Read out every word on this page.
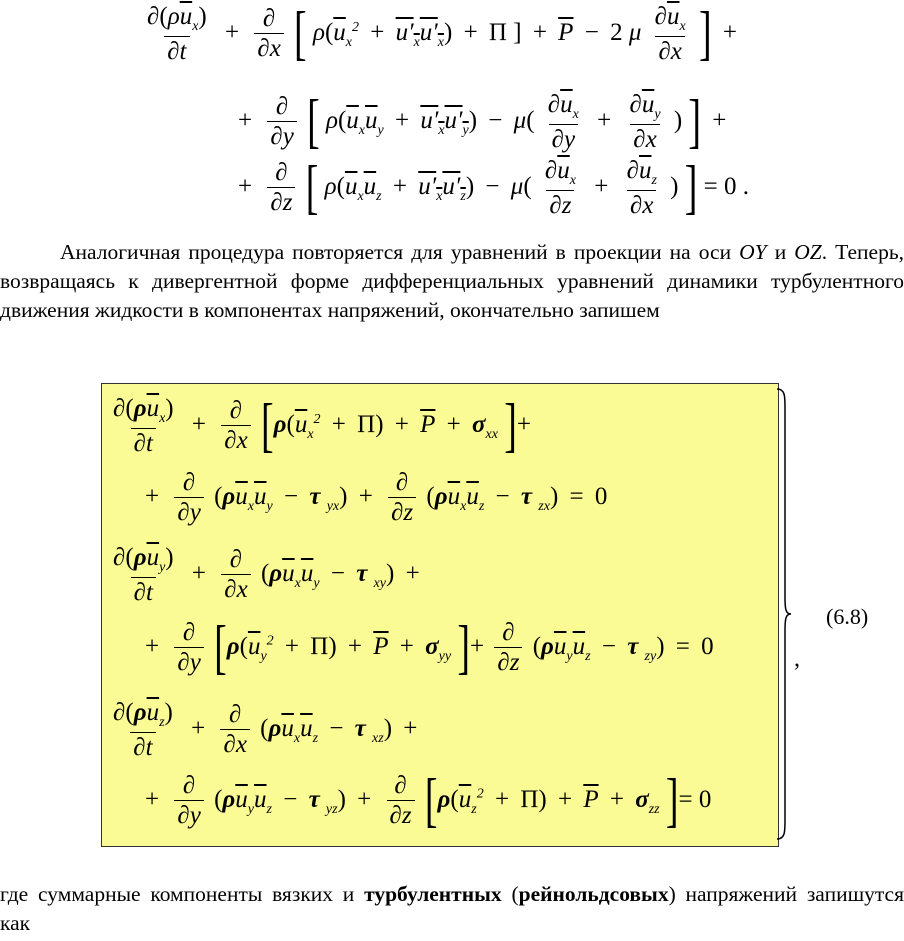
$\frac{\partial(\rho\overline{u}_x)}{\partial t} + \frac{\partial}{\partial x}$ [ $\rho(\overline{u}_x^2 + u'_xu'_x) + \Pi$ ] + $\overline{P} - 2$ μ $\frac{\partial\overline{u}_x}{\partial x}$ ] +
+ $\frac{\partial}{\partial y}$ [ $\rho(\overline{u}_x\overline{u}_y + u'_xu'_y) - \mu( \frac{\partial\overline{u}_x}{\partial y} + \frac{\partial\overline{u}_y}{\partial x}$ ) ] +
+ $\frac{\partial}{\partial z}$ [ $\rho(\overline{u}_x\overline{u}_z + u'_xu'_z) - \mu( \frac{\partial\overline{u}_x}{\partial z} + \frac{\partial\overline{u}_z}{\partial x}$ ) ] = 0 .
Аналогичная процедура повторяется для уравнений в проекции на оси OY и OZ. Теперь, возвращаясь к дивергентной форме дифференциальных уравнений динамики турбулентного движения жидкости в компонентах напряжений, окончательно запишем
$\frac{\partial(\rho\overline{u}_x)}{\partial t} + \frac{\partial}{\partial x} [\rho(\overline{u}_x^2 + \Pi) + \overline{P} + \sigma_{xx}$ ]+
+ $\frac{\partial}{\partial y} (\rho\overline{u}_x\overline{u}_y - \tau$ $_{yx}) + \frac{\partial}{\partial z} (\rho\overline{u}_x\overline{u}_z - \tau$ $_{zx}$) = 0
$\frac{\partial(\rho\overline{u}_y)}{\partial t} + \frac{\partial}{\partial x} (\rho\overline{u}_x\overline{u}_y - \tau$ $_{xy}$) +
+ $\frac{\partial}{\partial y} [\rho(\overline{u}_y^2 + \Pi) + \overline{P} + \sigma_{yy}$ ]+ $\frac{\partial}{\partial z} (\rho\overline{u}_y\overline{u}_z - \tau$ $_{zy}$) = 0
$\frac{\partial(\rho\overline{u}_z)}{\partial t} + \frac{\partial}{\partial x} (\rho\overline{u}_x\overline{u}_z - \tau$ $_{xz}$) +
+ $\frac{\partial}{\partial y} (\rho\overline{u}_y\overline{u}_z - \tau$ $_{yz}) + \frac{\partial}{\partial z} [\rho(\overline{u}_z^2 + \Pi) + \overline{P} + \sigma_{zz}$ ]= 0
,
(6.8)
где суммарные компоненты вязких и турбулентных (рейнольдсовых) напряжений запишутся как
